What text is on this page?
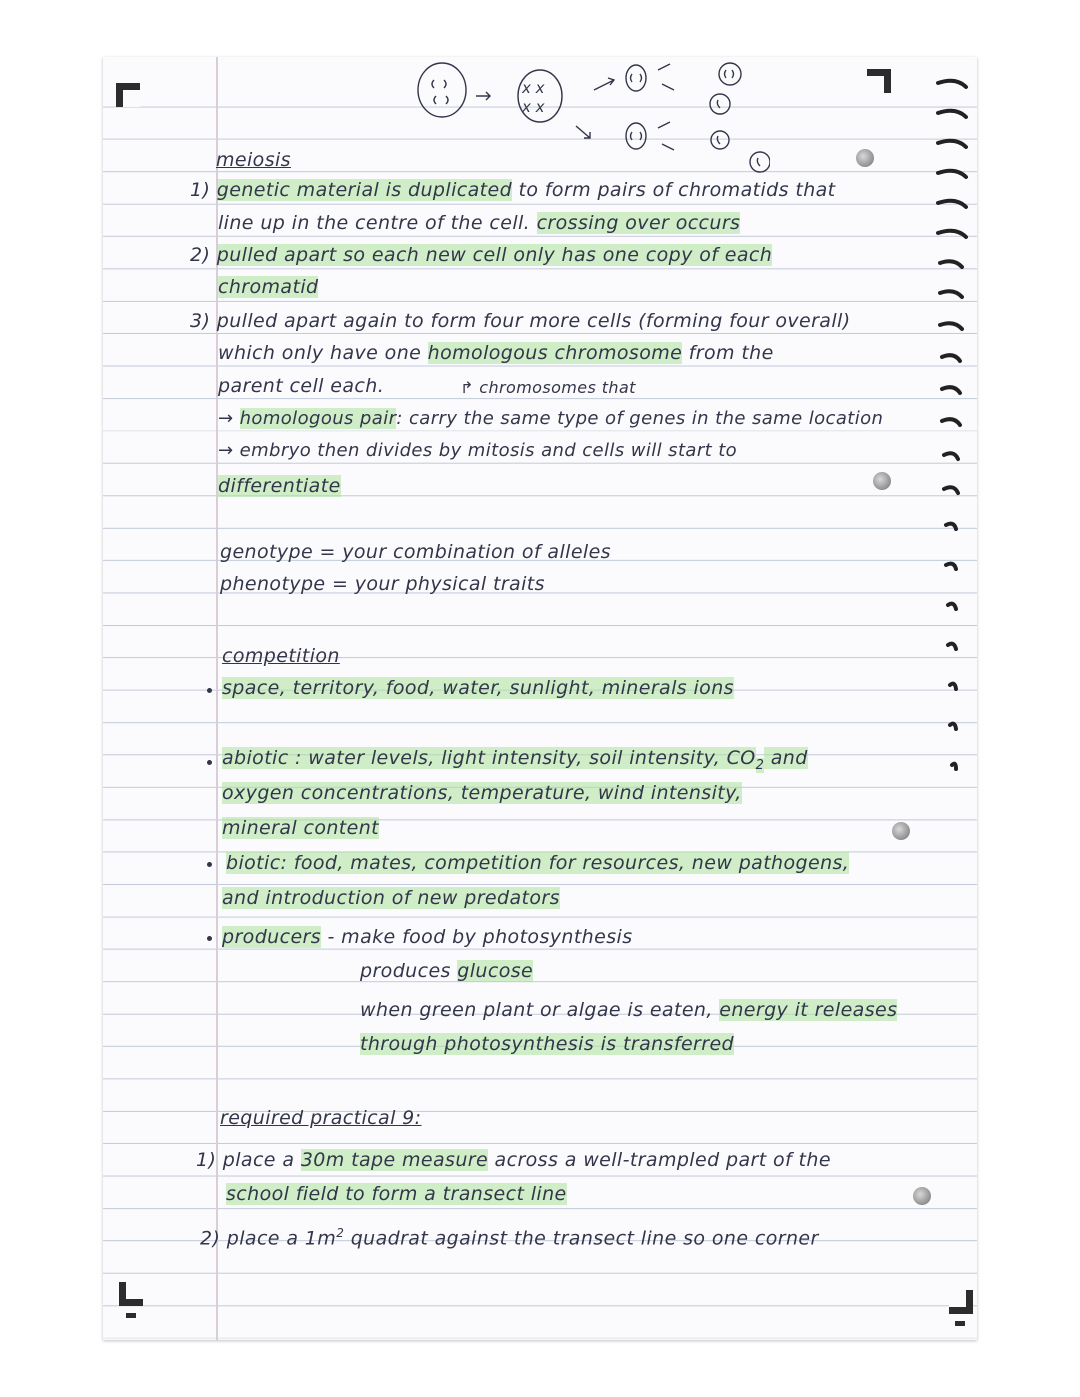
x x
x x
meiosis
1) genetic material is duplicated to form pairs of chromatids that
line up in the centre of the cell. crossing over occurs
2) pulled apart so each new cell only has one copy of each
chromatid
3) pulled apart again to form four more cells (forming four overall)
which only have one homologous chromosome from the
parent cell each.	↱ chromosomes that
→ homologous pair: carry the same type of genes in the same location
→ embryo then divides by mitosis and cells will start to
differentiate
genotype = your combination of alleles
phenotype = your physical traits
competition
space, territory, food, water, sunlight, minerals ions
abiotic : water levels, light intensity, soil intensity, $CO_2$ and
oxygen concentrations, temperature, wind intensity,
mineral content
biotic: food, mates, competition for resources, new pathogens,
and introduction of new predators
producers - make food by photosynthesis
produces glucose
when green plant or algae is eaten, energy it releases
through photosynthesis is transferred
required practical 9:
1) place a 30m tape measure across a well-trampled part of the
school field to form a transect line
2) place a $1m^2$ quadrat against the transect line so one corner
